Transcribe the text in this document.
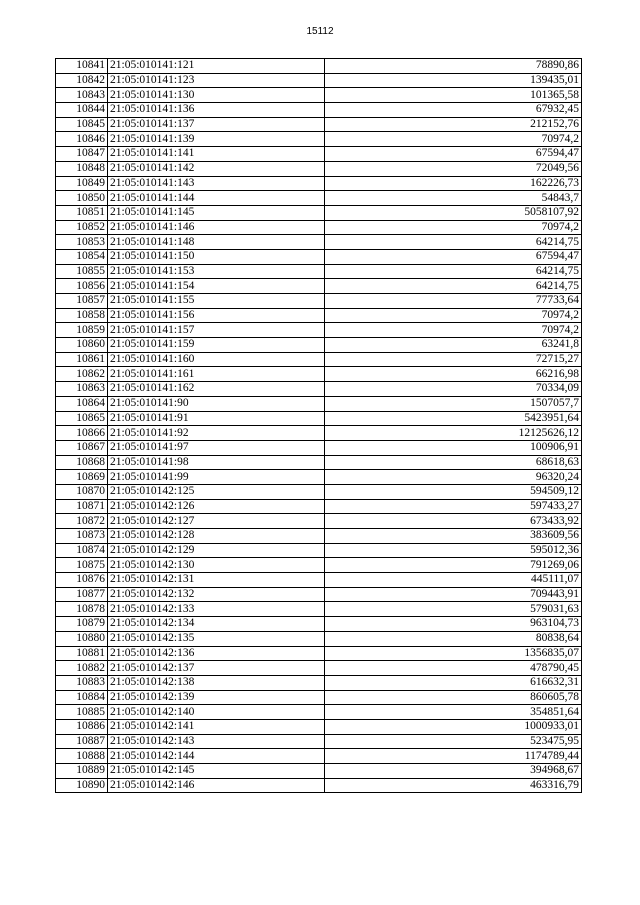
15112
10841	21:05:010141:121	78890,86
10842	21:05:010141:123	139435,01
10843	21:05:010141:130	101365,58
10844	21:05:010141:136	67932,45
10845	21:05:010141:137	212152,76
10846	21:05:010141:139	70974,2
10847	21:05:010141:141	67594,47
10848	21:05:010141:142	72049,56
10849	21:05:010141:143	162226,73
10850	21:05:010141:144	54843,7
10851	21:05:010141:145	5058107,92
10852	21:05:010141:146	70974,2
10853	21:05:010141:148	64214,75
10854	21:05:010141:150	67594,47
10855	21:05:010141:153	64214,75
10856	21:05:010141:154	64214,75
10857	21:05:010141:155	77733,64
10858	21:05:010141:156	70974,2
10859	21:05:010141:157	70974,2
10860	21:05:010141:159	63241,8
10861	21:05:010141:160	72715,27
10862	21:05:010141:161	66216,98
10863	21:05:010141:162	70334,09
10864	21:05:010141:90	1507057,7
10865	21:05:010141:91	5423951,64
10866	21:05:010141:92	12125626,12
10867	21:05:010141:97	100906,91
10868	21:05:010141:98	68618,63
10869	21:05:010141:99	96320,24
10870	21:05:010142:125	594509,12
10871	21:05:010142:126	597433,27
10872	21:05:010142:127	673433,92
10873	21:05:010142:128	383609,56
10874	21:05:010142:129	595012,36
10875	21:05:010142:130	791269,06
10876	21:05:010142:131	445111,07
10877	21:05:010142:132	709443,91
10878	21:05:010142:133	579031,63
10879	21:05:010142:134	963104,73
10880	21:05:010142:135	80838,64
10881	21:05:010142:136	1356835,07
10882	21:05:010142:137	478790,45
10883	21:05:010142:138	616632,31
10884	21:05:010142:139	860605,78
10885	21:05:010142:140	354851,64
10886	21:05:010142:141	1000933,01
10887	21:05:010142:143	523475,95
10888	21:05:010142:144	1174789,44
10889	21:05:010142:145	394968,67
10890	21:05:010142:146	463316,79
